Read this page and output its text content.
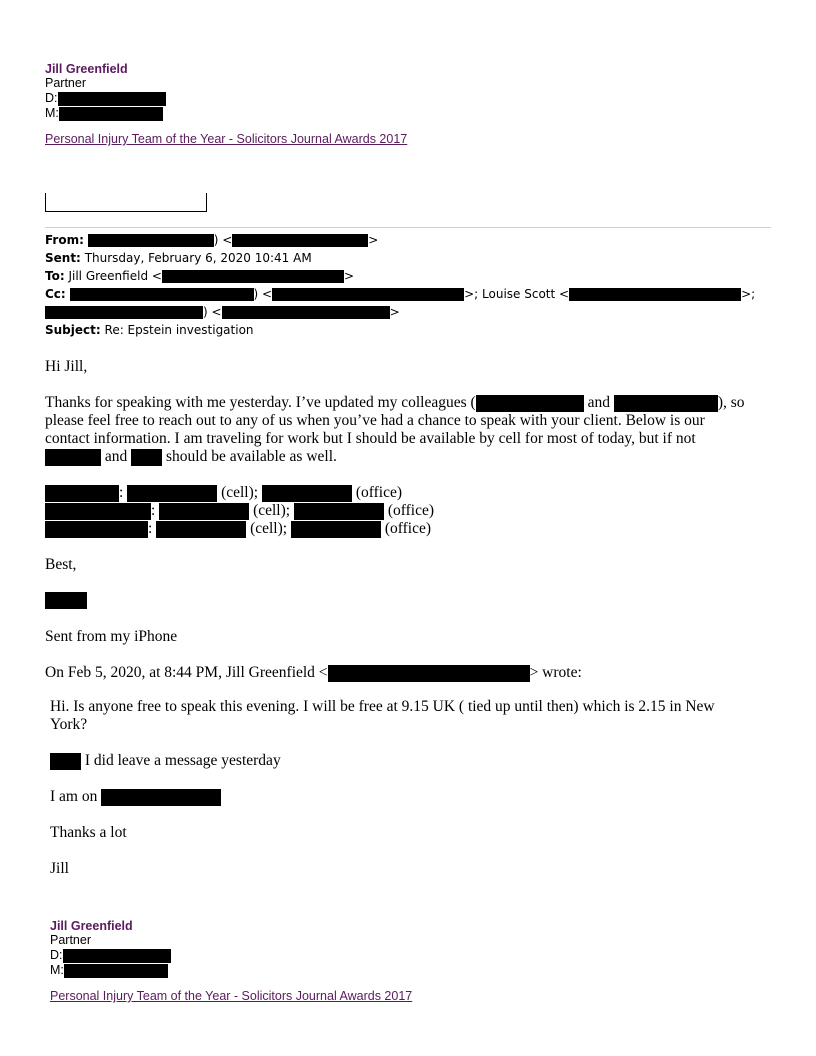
Jill Greenfield
Partner
D:
M:
Personal Injury Team of the Year - Solicitors Journal Awards 2017
From:	) <	>
Sent: Thursday, February 6, 2020 10:41 AM
To: Jill Greenfield <	>
Cc:	) <	>; Louise Scott <	>;
) <	>
Subject: Re: Epstein investigation
Hi Jill,
Thanks for speaking with me yesterday. I’ve updated my colleagues (	and	), so
please feel free to reach out to any of us when you’ve had a chance to speak with your client. Below is our
contact information. I am traveling for work but I should be available by cell for most of today, but if not
and	should be available as well.
:	(cell);	(office)
:	(cell);	(office)
:	(cell);	(office)
Best,
Sent from my iPhone
On Feb 5, 2020, at 8:44 PM, Jill Greenfield <	> wrote:
Hi. Is anyone free to speak this evening. I will be free at 9.15 UK ( tied up until then) which is 2.15 in New
York?
I did leave a message yesterday
I am on
Thanks a lot
Jill
Jill Greenfield
Partner
D:
M:
Personal Injury Team of the Year - Solicitors Journal Awards 2017
